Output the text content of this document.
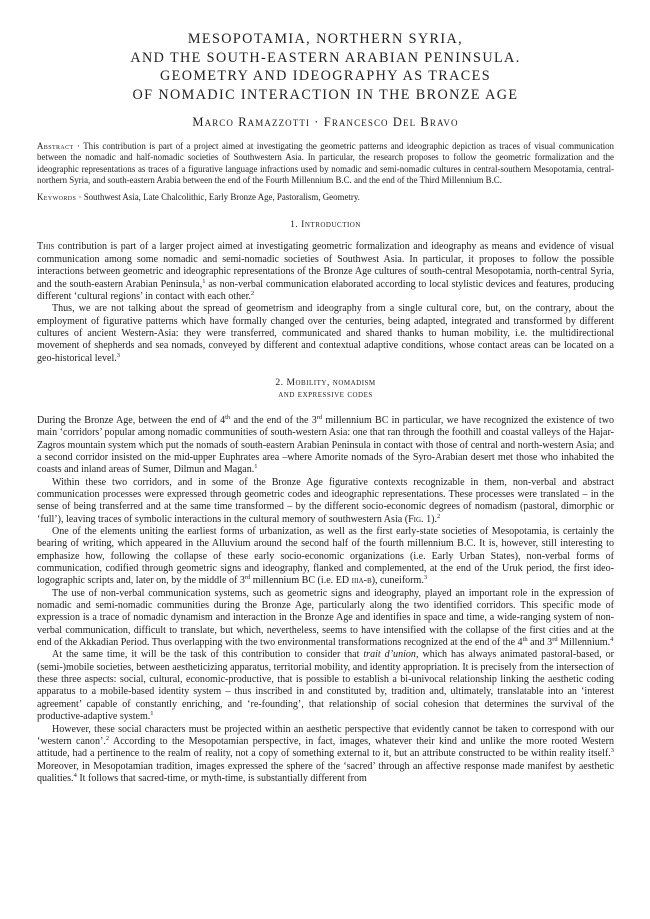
MESOPOTAMIA, NORTHERN SYRIA,
AND THE SOUTH-EASTERN ARABIAN PENINSULA.
GEOMETRY AND IDEOGRAPHY AS TRACES
OF NOMADIC INTERACTION IN THE BRONZE AGE
Marco Ramazzotti · Francesco Del Bravo
Abstract · This contribution is part of a project aimed at investigating the geometric patterns and ideographic depiction as traces of visual communication between the nomadic and half-nomadic societies of Southwestern Asia. In particular, the research proposes to follow the geometric formalization and the ideographic representations as traces of a figurative language infractions used by nomadic and semi-nomadic cultures in central-southern Mesopotamia, central-northern Syria, and south-eastern Arabia between the end of the Fourth Millennium B.C. and the end of the Third Millennium B.C.
Keywords · Southwest Asia, Late Chalcolithic, Early Bronze Age, Pastoralism, Geometry.
1. Introduction

This contribution is part of a larger project aimed at investigating geometric formalization and ideography as means and evidence of visual communication among some nomadic and semi-nomadic societies of Southwest Asia. In particular, it proposes to follow the possible interactions between geometric and ideographic representations of the Bronze Age cultures of south-central Mesopotamia, north-central Syria, and the south-eastern Arabian Peninsula,$^1$ as non-verbal communication elaborated according to local stylistic devices and features, producing different ‘cultural regions’ in contact with each other.$^2$

Thus, we are not talking about the spread of geometrism and ideography from a single cultural core, but, on the contrary, about the employment of figurative patterns which have formally changed over the centuries, being adapted, integrated and transformed by different cultures of ancient Western-Asia: they were transferred, communicated and shared thanks to human mobility, i.e. the multidirectional movement of shepherds and sea nomads, conveyed by different and contextual adaptive conditions, whose contact areas can be located on a geo-historical level.$^3$

2. Mobility, nomadism
and expressive codes

During the Bronze Age, between the end of 4th and the end of the 3rd millennium BC in particular, we have recognized the existence of two main ‘corridors’ popular among nomadic communities of south-western Asia: one that ran through the foothill and coastal valleys of the Hajar-Zagros mountain system which put the nomads of south-eastern Arabian Peninsula in contact with those of central and north-western Asia; and a second corridor insisted on the mid-upper Euphrates area –where Amorite nomads of the Syro-Arabian desert met those who inhabited the coasts and inland areas of Sumer, Dilmun and Magan.$^1$

Within these two corridors, and in some of the Bronze Age figurative contexts recognizable in them, non-verbal and abstract communication processes were expressed through geometric codes and ideographic representations. These processes were translated – in the sense of being transferred and at the same time transformed – by the different socio-economic degrees of nomadism (pastoral, dimorphic or ‘full’), leaving traces of symbolic interactions in the cultural memory of southwestern Asia (Fig. 1).$^2$

One of the elements uniting the earliest forms of urbanization, as well as the first early-state societies of Mesopotamia, is certainly the bearing of writing, which appeared in the Alluvium around the second half of the fourth millennium B.C. It is, however, still interesting to emphasize how, following the collapse of these early socio-economic organizations (i.e. Early Urban States), non-verbal forms of communication, codified through geometric signs and ideography, flanked and complemented, at the end of the Uruk period, the first ideo-logographic scripts and, later on, by the middle of 3rd millennium BC (i.e. ED iiia-b), cuneiform.$^3$

The use of non-verbal communication systems, such as geometric signs and ideography, played an important role in the expression of nomadic and semi-nomadic communities during the Bronze Age, particularly along the two identified corridors. This specific mode of expression is a trace of nomadic dynamism and interaction in the Bronze Age and identifies in space and time, a wide-ranging system of non-verbal communication, difficult to translate, but which, nevertheless, seems to have intensified with the collapse of the first cities and at the end of the Akkadian Period. Thus overlapping with the two environmental transformations recognized at the end of the 4th and 3rd Millennium.$^4$

At the same time, it will be the task of this contribution to consider that trait d’union, which has always animated pastoral-based, or (semi-)mobile societies, between aestheticizing apparatus, territorial mobility, and identity appropriation. It is precisely from the intersection of these three aspects: social, cultural, economic-productive, that is possible to establish a bi-univocal relationship linking the aesthetic coding apparatus to a mobile-based identity system – thus inscribed in and constituted by, tradition and, ultimately, translatable into an ‘interest agreement’ capable of constantly enriching, and ‘re-founding’, that relationship of social cohesion that determines the survival of the productive-adaptive system.$^1$

However, these social characters must be projected within an aesthetic perspective that evidently cannot be taken to correspond with our ‘western canon’.$^2$ According to the Mesopotamian perspective, in fact, images, whatever their kind and unlike the more rooted Western attitude, had a pertinence to the realm of reality, not a copy of something external to it, but an attribute constructed to be within reality itself.$^3$ Moreover, in Mesopotamian tradition, images expressed the sphere of the ‘sacred’ through an affective response made manifest by aesthetic qualities.$^4$ It follows that sacred-time, or myth-time, is substantially different from
